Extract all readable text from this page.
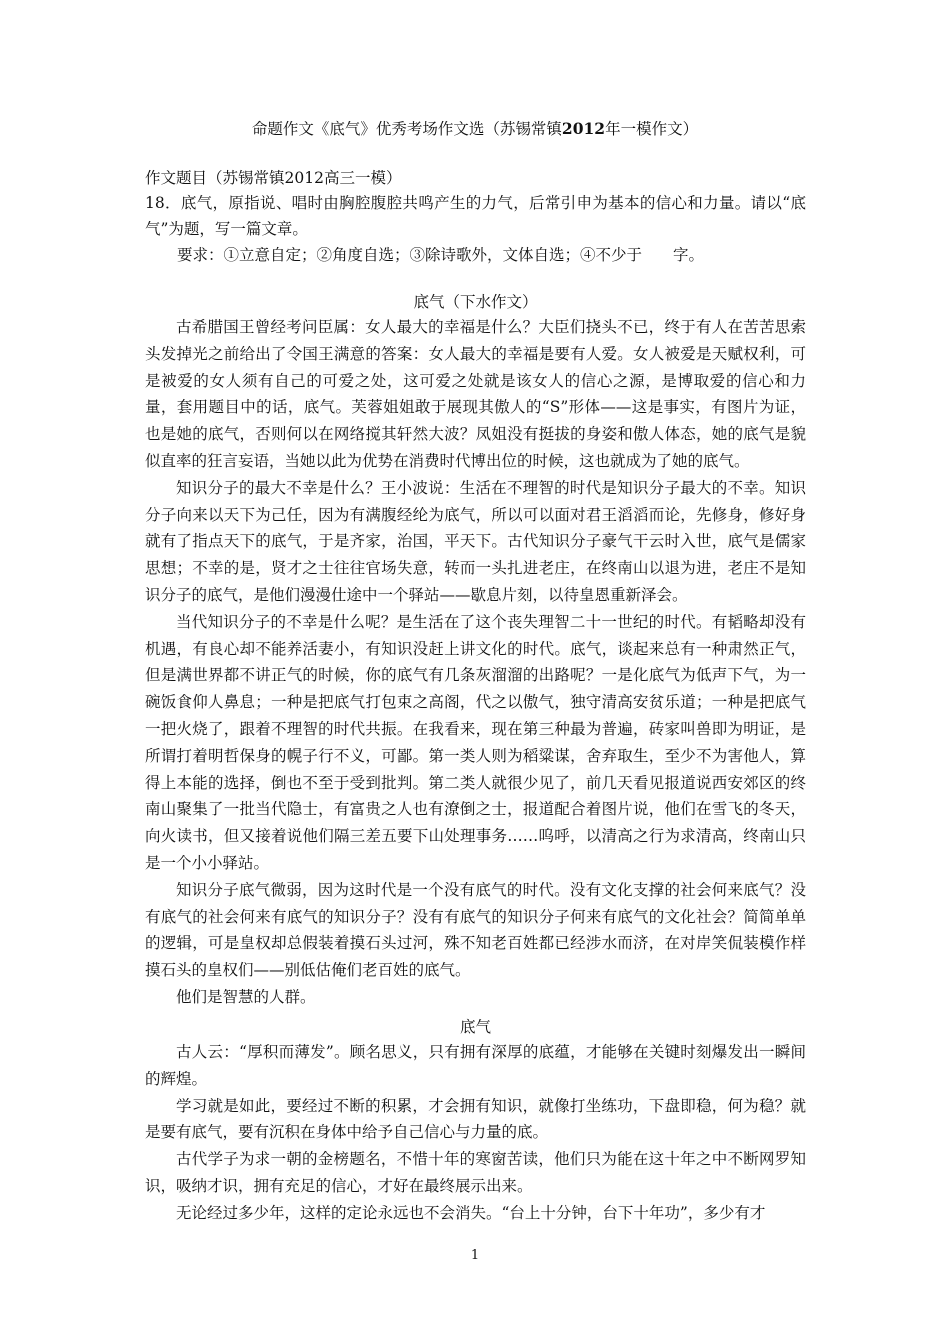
命题作文《底气》优秀考场作文选（苏锡常镇2012年一模作文）
作文题目（苏锡常镇2012高三一模）

18．底气，原指说、唱时由胸腔腹腔共鸣产生的力气，后常引申为基本的信心和力量。请以“底气”为题，写一篇文章。

要求：①立意自定；②角度自选；③除诗歌外，文体自选；④不少于　　字。
底气（下水作文）

古希腊国王曾经考问臣属：女人最大的幸福是什么？大臣们挠头不已，终于有人在苦苦思索头发掉光之前给出了令国王满意的答案：女人最大的幸福是要有人爱。女人被爱是天赋权利，可是被爱的女人须有自己的可爱之处，这可爱之处就是该女人的信心之源，是博取爱的信心和力量，套用题目中的话，底气。芙蓉姐姐敢于展现其傲人的“S”形体——这是事实，有图片为证，也是她的底气，否则何以在网络搅其轩然大波？凤姐没有挺拔的身姿和傲人体态，她的底气是貌似直率的狂言妄语，当她以此为优势在消费时代博出位的时候，这也就成为了她的底气。

知识分子的最大不幸是什么？王小波说：生活在不理智的时代是知识分子最大的不幸。知识分子向来以天下为己任，因为有满腹经纶为底气，所以可以面对君王滔滔而论，先修身，修好身就有了指点天下的底气，于是齐家，治国，平天下。古代知识分子豪气干云时入世，底气是儒家思想；不幸的是，贤才之士往往官场失意，转而一头扎进老庄，在终南山以退为进，老庄不是知识分子的底气，是他们漫漫仕途中一个驿站——歇息片刻，以待皇恩重新泽会。

当代知识分子的不幸是什么呢？是生活在了这个丧失理智二十一世纪的时代。有韬略却没有机遇，有良心却不能养活妻小，有知识没赶上讲文化的时代。底气，谈起来总有一种肃然正气，但是满世界都不讲正气的时候，你的底气有几条灰溜溜的出路呢？一是化底气为低声下气，为一碗饭食仰人鼻息；一种是把底气打包束之高阁，代之以傲气，独守清高安贫乐道；一种是把底气一把火烧了，跟着不理智的时代共振。在我看来，现在第三种最为普遍，砖家叫兽即为明证，是所谓打着明哲保身的幌子行不义，可鄙。第一类人则为稻粱谋，舍弃取生，至少不为害他人，算得上本能的选择，倒也不至于受到批判。第二类人就很少见了，前几天看见报道说西安郊区的终南山聚集了一批当代隐士，有富贵之人也有潦倒之士，报道配合着图片说，他们在雪飞的冬天，向火读书，但又接着说他们隔三差五要下山处理事务……呜呼，以清高之行为求清高，终南山只是一个小小驿站。

知识分子底气微弱，因为这时代是一个没有底气的时代。没有文化支撑的社会何来底气？没有底气的社会何来有底气的知识分子？没有有底气的知识分子何来有底气的文化社会？简简单单的逻辑，可是皇权却总假装着摸石头过河，殊不知老百姓都已经涉水而济，在对岸笑侃装模作样摸石头的皇权们——别低估俺们老百姓的底气。

他们是智慧的人群。

底气

古人云：“厚积而薄发”。顾名思义，只有拥有深厚的底蕴，才能够在关键时刻爆发出一瞬间的辉煌。

学习就是如此，要经过不断的积累，才会拥有知识，就像打坐练功，下盘即稳，何为稳？就是要有底气，要有沉积在身体中给予自己信心与力量的底。

古代学子为求一朝的金榜题名，不惜十年的寒窗苦读，他们只为能在这十年之中不断网罗知识，吸纳才识，拥有充足的信心，才好在最终展示出来。

无论经过多少年，这样的定论永远也不会消失。“台上十分钟，台下十年功”，多少有才

1
